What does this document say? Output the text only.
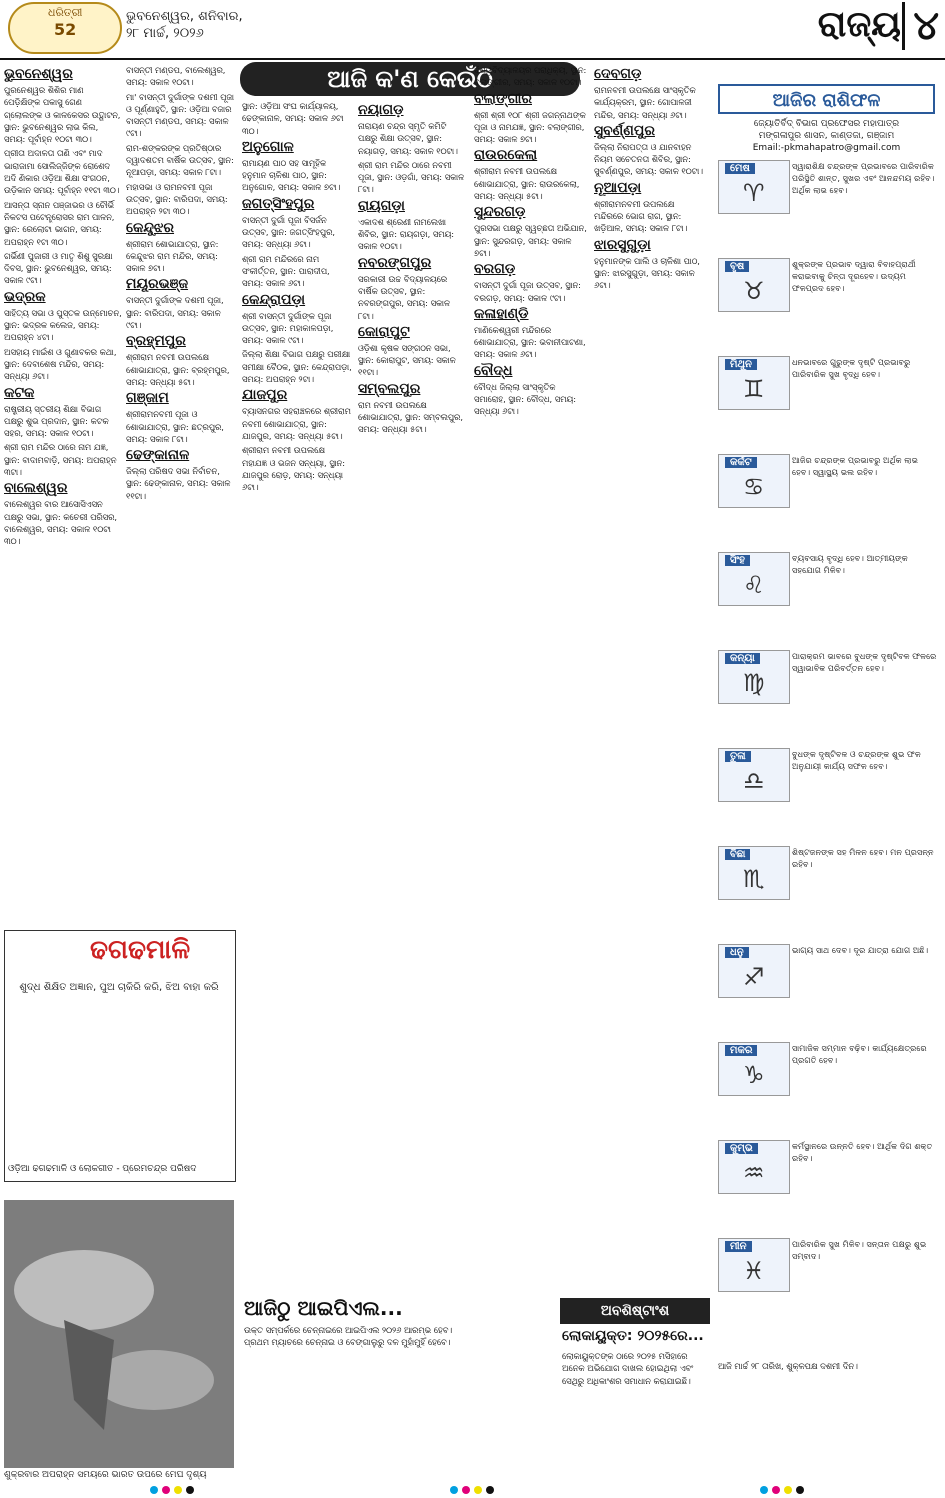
ଧରିତ୍ରୀ
52
ଭୁବନେଶ୍ୱର, ଶନିବାର,
୨୮ ମାର୍ଚ୍ଚ, ୨୦୨୬	ରାଜ୍ୟ ୪
ଆଜି କ'ଣ କେଉଁଠି
ଭୁବନେଶ୍ୱର

ପୁରନେଶ୍ୱର ଶିଶିର ମାଣ ପେଡ଼ିକ୍ଷିଙ୍କ ପକାସୁ ଗେଣ ଗ୍ଲୋଲଙ୍କ ଓ କାଳକେସର ଉଦ୍ଘାଟନ, ସ୍ଥାନ: ଭୁବନେଶ୍ୱର ଲାଭ କିଲ, ସମୟ: ପୂର୍ବାହ୍ନ ୧୦ଟା ୩୦।

ପ୍ରୀତା ଅଦାଳତା ତାଣି ଏବଂ ମାଦ ଭାରାଜାମା ସୋଲିଜ୍ଜିଙ୍କ ରୋଶେଦ ଅଦି ଣିକାର ଓଡ଼ିଆ ଶିକ୍ଷା ସଂଗଠନ, ଉଡ଼ିକାନ ସମୟ: ପୂର୍ବାହ୍ନ ୧୧ଟା ୩୦।

ଆସନ୍ତା ସ୍ନାନ ପଞ୍ଜାଭର ଓ ଚୌର୍ଭି ନିକଟସ ପଟେନ୍ତ୍ରୋସର ରାମ ପାଳନ, ସ୍ଥାନ: ରେଲୋଟା ଭାଗନ, ସମୟ: ଅପରାହ୍ନ ୧ଟା ୩୦।

ଗର୍ଭିଣୀ ପୁଜାରୀ ଓ ମାତୃ ଶିଶୁ ସୁରକ୍ଷା ଦିବସ, ସ୍ଥାନ: ଭୁବନେଶ୍ୱର, ସମୟ: ସକାଳ ୯ଟା।

ଭଦ୍ରକ

ସାହିତ୍ୟ ସଭା ଓ ପୁସ୍ତକ ଉନ୍ମୋଚନ, ସ୍ଥାନ: ଭଦ୍ରକ କଲେଜ, ସମୟ: ଅପରାହ୍ନ ୪ଟା।

ଅସହାୟ ମାଇଁଶ ଓ ଗୁଣାବକର କଥା, ସ୍ଥାନ: ଦେବାଶେଷ ମନ୍ଦିର, ସମୟ: ସନ୍ଧ୍ୟା ୬ଟା।

କଟକ

ରାଷ୍ଟ୍ରୀୟ ସ୍ତରୀୟ ଶିକ୍ଷା ବିଭାଗ ପକ୍ଷରୁ ଶୁଭ ପ୍ରଦାନ, ସ୍ଥାନ: କଟକ ସହର, ସମୟ: ସକାଳ ୧୦ଟା।

ଶ୍ରୀ ରାମ ମନ୍ଦିର ଠାରେ ନାମ ଯଜ୍ଞ, ସ୍ଥାନ: ବାଦାମବାଡ଼ି, ସମୟ: ଅପରାହ୍ନ ୩ଟା।

ବାଲେଶ୍ୱର

ବାଲେଶ୍ୱର ବାର ଆସୋସିଏସନ ପକ୍ଷରୁ ସଭା, ସ୍ଥାନ: କଚେରୀ ପରିସର, ବାଲେଶ୍ୱର, ସମୟ: ସକାଳ ୧୦ଟା ୩୦।

ବାସନ୍ତୀ ମଣ୍ଡପ, ବାଲେଶ୍ୱର, ସମୟ: ସକାଳ ୧୦ଟା।

ମା' ବାସନ୍ତୀ ଦୁର୍ଗାଙ୍କ ଦଶମୀ ପୂଜା ଓ ପୂର୍ଣ୍ଣାହୁତି, ସ୍ଥାନ: ଓଡ଼ିଆ ବଜାର ବାସନ୍ତୀ ମଣ୍ଡପ, ସମୟ: ସକାଳ ୯ଟା।

ରାମ-ଶଙ୍କରଙ୍କ ପ୍ରତିଷ୍ଠାର ଦ୍ୱାଦଶତମ ବାର୍ଷିକ ଉତ୍ସବ, ସ୍ଥାନ: ନୂଆପଡ଼ା, ସମୟ: ସକାଳ ୮ଟା।

ମହାସଭା ଓ ରାମନବମୀ ପୂଜା ଉତ୍ସବ, ସ୍ଥାନ: ବାରିପଦା, ସମୟ: ଅପରାହ୍ନ ୨ଟା ୩୦।

କେନ୍ଦୁଝର

ଶ୍ରୀରାମ ଶୋଭାଯାତ୍ରା, ସ୍ଥାନ: କେନ୍ଦୁଝର ରାମ ମନ୍ଦିର, ସମୟ: ସକାଳ ୭ଟା।

ମୟୂରଭଞ୍ଜ

ବାସନ୍ତୀ ଦୁର୍ଗାଙ୍କ ଦଶମୀ ପୂଜା, ସ୍ଥାନ: ବାରିପଦା, ସମୟ: ସକାଳ ୯ଟା।

ବ୍ରହ୍ମପୁର

ଶ୍ରୀରାମ ନବମୀ ଉପଲକ୍ଷେ ଶୋଭାଯାତ୍ରା, ସ୍ଥାନ: ବ୍ରହ୍ମପୁର, ସମୟ: ସନ୍ଧ୍ୟା ୫ଟା।

ଗଞ୍ଜାମ

ଶ୍ରୀରାମନବମୀ ପୂଜା ଓ ଶୋଭାଯାତ୍ରା, ସ୍ଥାନ: ଛତ୍ରପୁର, ସମୟ: ସକାଳ ୮ଟା।

ଢେଙ୍କାନାଳ

ଜିଲ୍ଲା ପରିଷଦ ସଭା ନିର୍ବାଚନ, ସ୍ଥାନ: ଢେଙ୍କାନାଳ, ସମୟ: ସକାଳ ୧୧ଟା।

ସ୍ଥାନ: ଓଡ଼ିଆ ସଂଘ କାର୍ଯ୍ୟାଳୟ, ଢେଙ୍କାନାଳ, ସମୟ: ସକାଳ ୬ଟା ୩୦।

ଅନୁଗୋଳ

ରାମାୟଣ ପାଠ ସହ ସାମୂହିକ ହନୁମାନ ଚାଳିଶା ପାଠ, ସ୍ଥାନ: ଅନୁଗୋଳ, ସମୟ: ସକାଳ ୭ଟା।

ଜଗତ୍‌ସିଂହପୁର

ବାସନ୍ତୀ ଦୁର୍ଗା ପୂଜା ବିସର୍ଜନ ଉତ୍ସବ, ସ୍ଥାନ: ଜଗତ୍‌ସିଂହପୁର, ସମୟ: ସନ୍ଧ୍ୟା ୬ଟା।

ଶ୍ରୀ ରାମ ମନ୍ଦିରରେ ନାମ ସଂକୀର୍ତ୍ତନ, ସ୍ଥାନ: ପାରାଦୀପ, ସମୟ: ସକାଳ ୬ଟା।

କେନ୍ଦ୍ରାପଡ଼ା

ଶ୍ରୀ ବାସନ୍ତୀ ଦୁର୍ଗାଙ୍କ ପୂଜା ଉତ୍ସବ, ସ୍ଥାନ: ମହାକାଳପଡ଼ା, ସମୟ: ସକାଳ ୯ଟା।

ଜିଲ୍ଲା ଶିକ୍ଷା ବିଭାଗ ପକ୍ଷରୁ ପରୀକ୍ଷା ସମୀକ୍ଷା ବୈଠକ, ସ୍ଥାନ: କେନ୍ଦ୍ରାପଡ଼ା, ସମୟ: ଅପରାହ୍ନ ୨ଟା।

ଯାଜପୁର

ବ୍ୟାସନଗର ସହରାଞ୍ଚଳରେ ଶ୍ରୀରାମ ନବମୀ ଶୋଭାଯାତ୍ରା, ସ୍ଥାନ: ଯାଜପୁର, ସମୟ: ସନ୍ଧ୍ୟା ୫ଟା।

ଶ୍ରୀରାମ ନବମୀ ଉପଲକ୍ଷେ ମହାଯଜ୍ଞ ଓ ଭଜନ ସନ୍ଧ୍ୟା, ସ୍ଥାନ: ଯାଜପୁର ରୋଡ଼, ସମୟ: ସନ୍ଧ୍ୟା ୬ଟା।

ନୟାଗଡ଼

ନାରାୟଣ ଚନ୍ଦ୍ର ସ୍ମୃତି କମିଟି ପକ୍ଷରୁ ଶିକ୍ଷା ଉତ୍ସବ, ସ୍ଥାନ: ନୟାଗଡ଼, ସମୟ: ସକାଳ ୧୦ଟା।

ଶ୍ରୀ ରାମ ମନ୍ଦିର ଠାରେ ନବମୀ ପୂଜା, ସ୍ଥାନ: ଓଡ଼ଗାଁ, ସମୟ: ସକାଳ ୮ଟା।

ରାୟଗଡ଼ା

ଏକାଦଶ ଶ୍ରେଣୀ ନାମଲେଖା ଶିବିର, ସ୍ଥାନ: ରାୟଗଡ଼ା, ସମୟ: ସକାଳ ୧୦ଟା।

ନବରଙ୍ଗପୁର

ସରକାରୀ ଉଚ୍ଚ ବିଦ୍ୟାଳୟରେ ବାର୍ଷିକ ଉତ୍ସବ, ସ୍ଥାନ: ନବରଙ୍ଗପୁର, ସମୟ: ସକାଳ ୮ଟା।

କୋରାପୁଟ

ଓଡ଼ିଶା କୃଷକ ସଙ୍ଗଠନ ସଭା, ସ୍ଥାନ: କୋରାପୁଟ, ସମୟ: ସକାଳ ୧୧ଟା।

ସମ୍ବଲପୁର

ରାମ ନବମୀ ଉପଲକ୍ଷେ ଶୋଭାଯାତ୍ରା, ସ୍ଥାନ: ସମ୍ବଲପୁର, ସମୟ: ସନ୍ଧ୍ୟା ୫ଟା।

ବିଶ୍ୱବିଦ୍ୟାଳୟର ପରାଧିକ୍ୟ, ସ୍ଥାନ: ବଲାଙ୍ଗୀର, ସମୟ: ସକାଳ ୧୦ଟା।

ବଲାଙ୍ଗୀର

ଶ୍ରୀ ଶ୍ରୀ ୧୦୮ ଶ୍ରୀ ଜଗନ୍ନାଥଙ୍କ ପୂଜା ଓ ନାମଯଜ୍ଞ, ସ୍ଥାନ: ବଲାଙ୍ଗୀର, ସମୟ: ସକାଳ ୭ଟା।

ରାଉରକେଲା

ଶ୍ରୀରାମ ନବମୀ ଉପଲକ୍ଷେ ଶୋଭାଯାତ୍ରା, ସ୍ଥାନ: ରାଉରକେଲା, ସମୟ: ସନ୍ଧ୍ୟା ୫ଟା।

ସୁନ୍ଦରଗଡ଼

ପୁରସଭା ପକ୍ଷରୁ ସ୍ୱଚ୍ଛତା ଅଭିଯାନ, ସ୍ଥାନ: ସୁନ୍ଦରଗଡ଼, ସମୟ: ସକାଳ ୭ଟା।

ବରଗଡ଼

ବାସନ୍ତୀ ଦୁର୍ଗା ପୂଜା ଉତ୍ସବ, ସ୍ଥାନ: ବରଗଡ଼, ସମୟ: ସକାଳ ୯ଟା।

କଳାହାଣ୍ଡି

ମାଣିକେଶ୍ୱରୀ ମନ୍ଦିରରେ ଶୋଭାଯାତ୍ରା, ସ୍ଥାନ: ଭବାନୀପାଟଣା, ସମୟ: ସକାଳ ୬ଟା।

ବୌଦ୍ଧ

ବୌଦ୍ଧ ଜିଲ୍ଲା ସାଂସ୍କୃତିକ ସମାରୋହ, ସ୍ଥାନ: ବୌଦ୍ଧ, ସମୟ: ସନ୍ଧ୍ୟା ୬ଟା।

ଦେବଗଡ଼

ରାମନବମୀ ଉପଲକ୍ଷେ ସାଂସ୍କୃତିକ କାର୍ଯ୍ୟକ୍ରମ, ସ୍ଥାନ: ଗୋପାଳଜୀ ମନ୍ଦିର, ସମୟ: ସନ୍ଧ୍ୟା ୬ଟା।

ସୁବର୍ଣ୍ଣପୁର

ଜିଲ୍ଲା ନିରାପତ୍ତା ଓ ଯାନବାହନ ନିୟମ ସଚେତନତା ଶିବିର, ସ୍ଥାନ: ସୁବର୍ଣ୍ଣପୁର, ସମୟ: ସକାଳ ୧୦ଟା।

ନୂଆପଡ଼ା

ଶ୍ରୀରାମନବମୀ ଉପଲକ୍ଷେ ମନ୍ଦିରରେ ଭୋଗ ରାଗ, ସ୍ଥାନ: ଖଡ଼ିଆଳ, ସମୟ: ସକାଳ ୮ଟା।

ଝାରସୁଗୁଡ଼ା

ହନୁମାନଙ୍କ ପାଲି ଓ ଚାଳିଶା ପାଠ, ସ୍ଥାନ: ଝାରସୁଗୁଡ଼ା, ସମୟ: ସକାଳ ୬ଟା।

ଆଜିର ରାଶିଫଳ
ଜ୍ୟୋତିର୍ବିଦ୍ ବିଭାଗ ପ୍ରଫେସର ମହାପାତ୍ର
ମଙ୍ଗଳାପୁର ଶାସନ, କାଣ୍ଡଜା, ଗଞ୍ଜାମ
Email:-pkmahapatro@gmail.com
ମେଷ
♈
ସ୍ୱାରାଶିକ୍ଷ ଚନ୍ଦ୍ରଙ୍କ ପ୍ରଭାବରେ ପାରିବାରିକ ପରିସ୍ଥିତି ଶାନ୍ତ, ସୁଖର ଏବଂ ଆନନ୍ଦମୟ ରହିବ। ଅର୍ଥିକ ଲାଭ ହେବ।
ବୃଷ
♉
ଶୁକ୍ରଙ୍କ ପ୍ରଭାବ ଦ୍ୱାରା ବିବାହପ୍ରାର୍ଥୀ କରାଇବାକୁ ଚିନ୍ତା ଦୂରହେବ। ଉଦ୍ୟମ ଫଳପ୍ରଦ ହେବ।
ମିଥୁନ
♊
ଧନଭାବରେ ଗୁରୁଙ୍କ ଦୃଷ୍ଟି ପ୍ରଭାବରୁ ପାରିବାରିକ ସୁଖ ବୃଦ୍ଧି ହେବ।
କର୍କଟ
♋
ଆଜିର ଚନ୍ଦ୍ରଙ୍କ ପ୍ରଭାବରୁ ଅର୍ଥିକ ଲାଭ ହେବ। ସ୍ୱାସ୍ଥ୍ୟ ଭଲ ରହିବ।
ସିଂହ
♌
ବ୍ୟବସାୟ ବୃଦ୍ଧି ହେବ। ଆତ୍ମୀୟଙ୍କ ସହଯୋଗ ମିଳିବ।
କନ୍ୟା
♍
ପାରାକ୍ରମ ଭାବରେ ବୁଧଙ୍କ ଦୃଷ୍ଟିବଳ ଫଳରେ ସ୍ୱାଭାବିକ ପରିବର୍ତ୍ତନ ହେବ।
ତୁଳା
♎
ବୁଧଙ୍କ ଦୃଷ୍ଟିବଳ ଓ ଚନ୍ଦ୍ରଙ୍କ ଶୁଭ ଫଳ ଅନୁଯାୟୀ କାର୍ଯ୍ୟ ସଫଳ ହେବ।
ବିଛା
♏
ଶିଷ୍ଟଜନଙ୍କ ସହ ମିଳନ ହେବ। ମନ ପ୍ରସନ୍ନ ରହିବ।
ଧନୁ
♐
ଭାଗ୍ୟ ସାଥ ଦେବ। ଦୂର ଯାତ୍ରା ଯୋଗ ଅଛି।
ମକର
♑
ସାମାଜିକ ସମ୍ମାନ ବଢ଼ିବ। କାର୍ଯ୍ୟକ୍ଷେତ୍ରରେ ପ୍ରଗତି ହେବ।
କୁମ୍ଭ
♒
କର୍ମସ୍ଥାନରେ ଉନ୍ନତି ହେବ। ଆର୍ଥିକ ଦିଗ ଶକ୍ତ ରହିବ।
ମୀନ
♓
ପାରିବାରିକ ସୁଖ ମିଳିବ। ସନ୍ତାନ ପକ୍ଷରୁ ଶୁଭ ସମ୍ବାଦ।

ଆଜି ମାର୍ଚ୍ଚ ୨୮ ତାରିଖ, ଶୁକ୍ଳପକ୍ଷ ଦଶମୀ ଦିନ।

ଢଗଢମାଳି

ଶୁଦ୍ଧ ଶିକ୍ଷିତ ଅଜ୍ଞାନ, ପୁଅ ଚାକିରି କରି, ଝିଅ ବାହା କରି

ଓଡ଼ିଆ ଢଗଢମାଳି ଓ ଲୋକଗୀତ - ପ୍ରେମଚନ୍ଦ୍ର ପରିଷଦ
ଶୁକ୍ରବାର ଅପରାହ୍ନ ସମୟରେ ଭାରତ ଉପରେ ମେଘ ଦୃଶ୍ୟ
ଆଜିଠୁ ଆଇପିଏଲ...

ଉକ୍ତ ସମ୍ପର୍କରେ ଚେନ୍ନାଇରେ ଆଇପିଏଲ ୨୦୨୬ ଆରମ୍ଭ ହେବ। ପ୍ରଥମ ମ୍ୟାଚରେ ଚେନ୍ନାଇ ଓ ବେଙ୍ଗାଲୁରୁ ଦଳ ମୁହାଁମୁହିଁ ହେବେ।

ଅବଶିଷ୍ଟାଂଶ
ଲୋକାୟୁକ୍ତ: ୨୦୨୫ରେ...

ଲୋକାୟୁକ୍ତଙ୍କ ଠାରେ ୨୦୨୫ ମସିହାରେ ଅନେକ ଅଭିଯୋଗ ଦାଖଲ ହୋଇଥିଲା ଏବଂ ସେଥିରୁ ଅଧିକାଂଶର ସମାଧାନ କରାଯାଇଛି।
